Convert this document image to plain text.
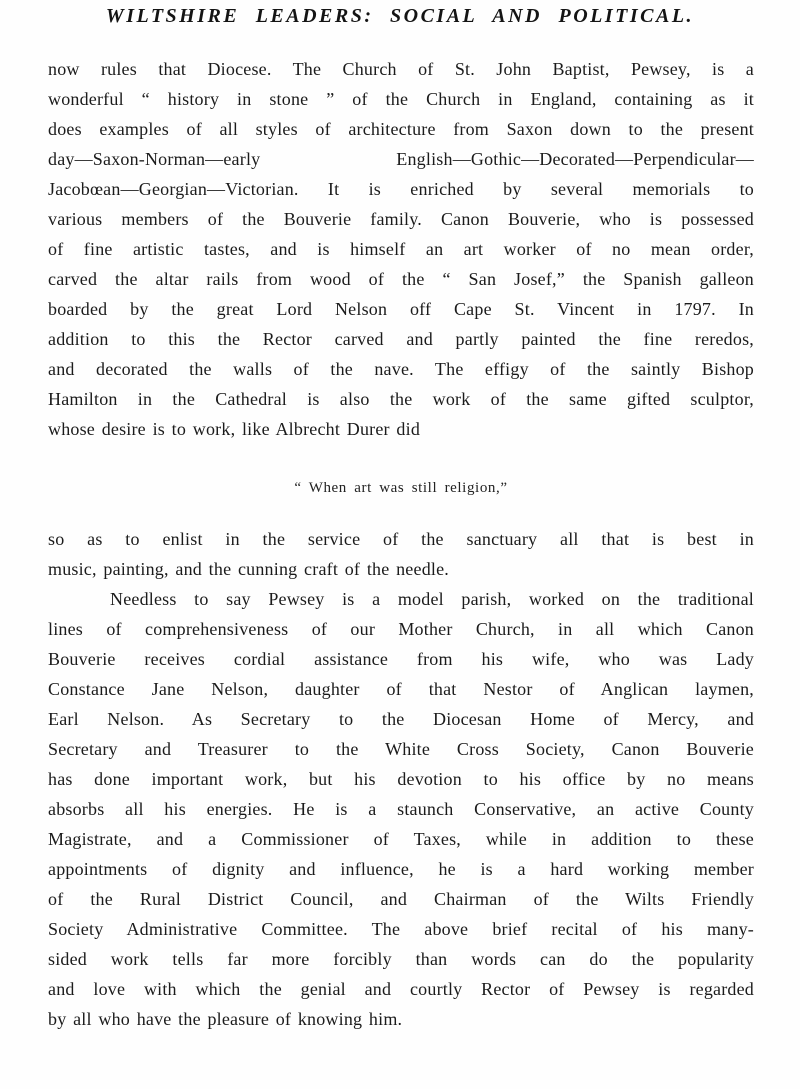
WILTSHIRE LEADERS: SOCIAL AND POLITICAL.
now rules that Diocese. The Church of St. John Baptist, Pewsey, is a
wonderful “ history in stone ” of the Church in England, containing as it
does examples of all styles of architecture from Saxon down to the present
day—Saxon-Norman—early English—Gothic—Decorated—Perpendicular—
Jacobœan—Georgian—Victorian. It is enriched by several memorials to
various members of the Bouverie family. Canon Bouverie, who is possessed
of fine artistic tastes, and is himself an art worker of no mean order,
carved the altar rails from wood of the “ San Josef,” the Spanish galleon
boarded by the great Lord Nelson off Cape St. Vincent in 1797. In
addition to this the Rector carved and partly painted the fine reredos,
and decorated the walls of the nave. The effigy of the saintly Bishop
Hamilton in the Cathedral is also the work of the same gifted sculptor,
whose desire is to work, like Albrecht Durer did
“ When art was still religion,”
so as to enlist in the service of the sanctuary all that is best in
music, painting, and the cunning craft of the needle.
Needless to say Pewsey is a model parish, worked on the traditional
lines of comprehensiveness of our Mother Church, in all which Canon
Bouverie receives cordial assistance from his wife, who was Lady
Constance Jane Nelson, daughter of that Nestor of Anglican laymen,
Earl Nelson. As Secretary to the Diocesan Home of Mercy, and
Secretary and Treasurer to the White Cross Society, Canon Bouverie
has done important work, but his devotion to his office by no means
absorbs all his energies. He is a staunch Conservative, an active County
Magistrate, and a Commissioner of Taxes, while in addition to these
appointments of dignity and influence, he is a hard working member
of the Rural District Council, and Chairman of the Wilts Friendly
Society Administrative Committee. The above brief recital of his many-
sided work tells far more forcibly than words can do the popularity
and love with which the genial and courtly Rector of Pewsey is regarded
by all who have the pleasure of knowing him.
